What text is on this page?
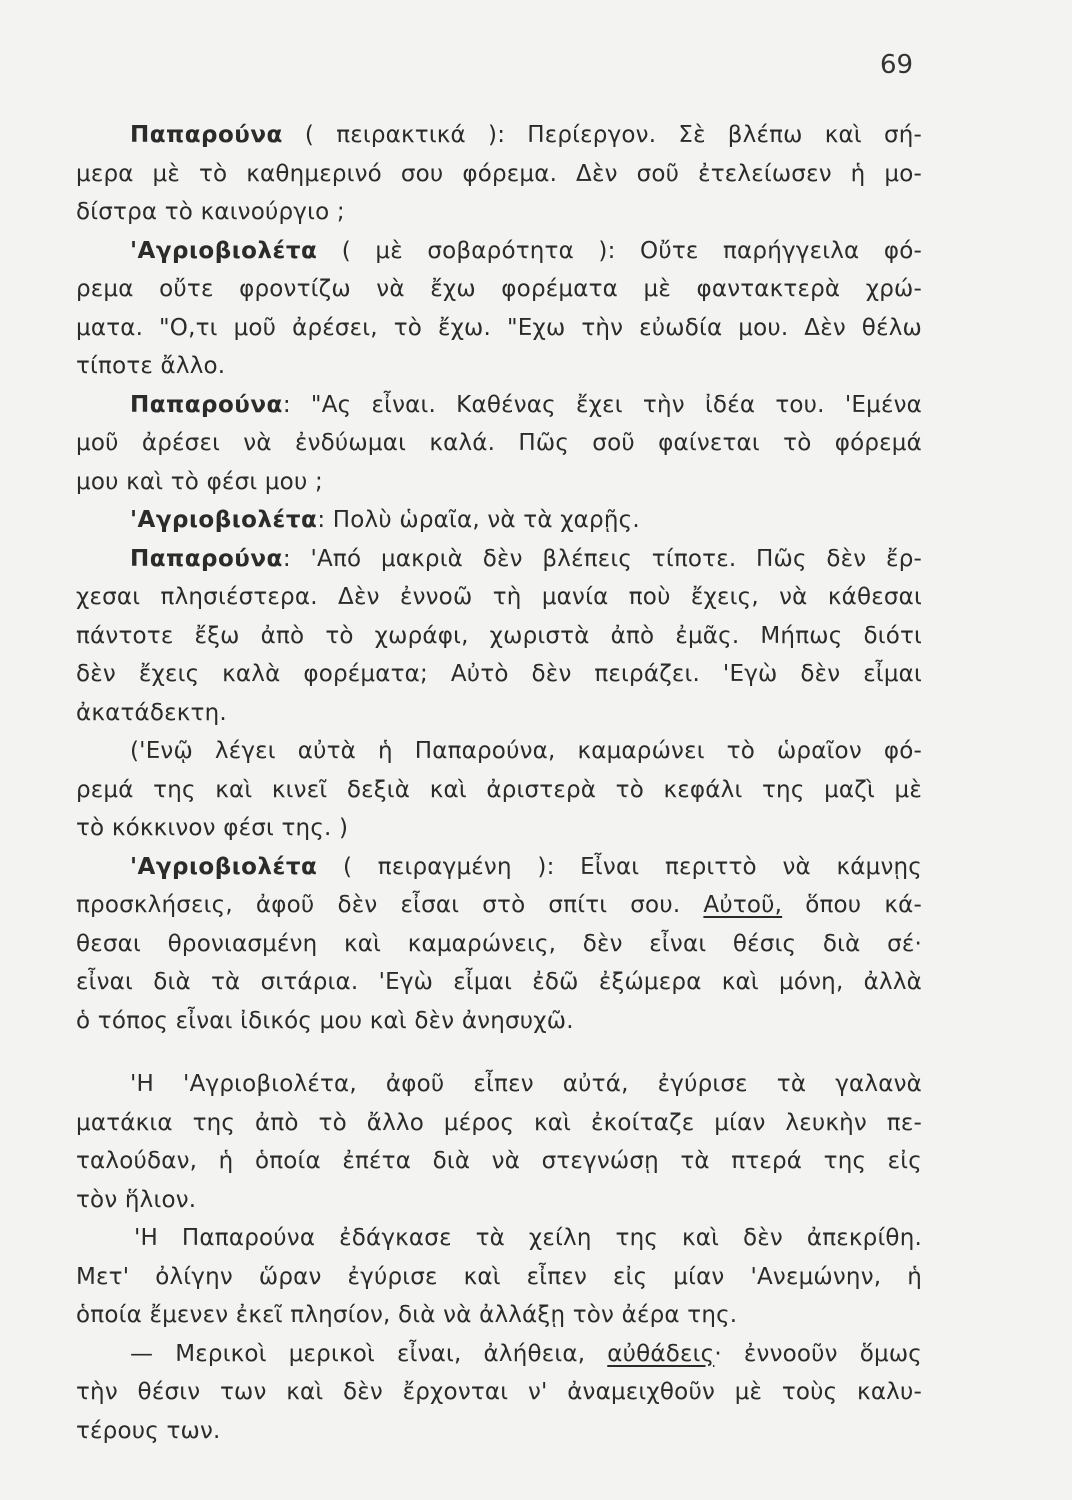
69
Παπαρούνα ( πειρακτικά ): Περίεργον. Σὲ βλέπω καὶ σή-
μερα μὲ τὸ καθημερινό σου φόρεμα. Δὲν σοῦ ἐτελείωσεν ἡ μο-
δίστρα τὸ καινούργιο ;
'Αγριοβιολέτα ( μὲ σοβαρότητα ): Οὔτε παρήγγειλα φό-
ρεμα οὔτε φροντίζω νὰ ἔχω φορέματα μὲ φαντακτερὰ χρώ-
ματα. "Ο,τι μοῦ ἀρέσει, τὸ ἔχω. "Εχω τὴν εὐωδία μου. Δὲν θέλω
τίποτε ἄλλο.
Παπαρούνα: "Ας εἶναι. Καθένας ἔχει τὴν ἰδέα του. 'Εμένα
μοῦ ἀρέσει νὰ ἐνδύωμαι καλά. Πῶς σοῦ φαίνεται τὸ φόρεμά
μου καὶ τὸ φέσι μου ;
'Αγριοβιολέτα: Πολὺ ὡραῖα, νὰ τὰ χαρῇς.
Παπαρούνα: 'Από μακριὰ δὲν βλέπεις τίποτε. Πῶς δὲν ἔρ-
χεσαι πλησιέστερα. Δὲν ἐννοῶ τὴ μανία ποὺ ἔχεις, νὰ κάθεσαι
πάντοτε ἔξω ἀπὸ τὸ χωράφι, χωριστὰ ἀπὸ ἐμᾶς. Μήπως διότι
δὲν ἔχεις καλὰ φορέματα; Αὐτὸ δὲν πειράζει. 'Εγὼ δὲν εἶμαι
ἀκατάδεκτη.
('Ενῷ λέγει αὐτὰ ἡ Παπαρούνα, καμαρώνει τὸ ὡραῖον φό-
ρεμά της καὶ κινεῖ δεξιὰ καὶ ἀριστερὰ τὸ κεφάλι της μαζὶ μὲ
τὸ κόκκινον φέσι της. )
'Αγριοβιολέτα ( πειραγμένη ): Εἶναι περιττὸ νὰ κάμνῃς
προσκλήσεις, ἀφοῦ δὲν εἶσαι στὸ σπίτι σου. Αὐτοῦ, ὅπου κά-
θεσαι θρονιασμένη καὶ καμαρώνεις, δὲν εἶναι θέσις διὰ σέ·
εἶναι διὰ τὰ σιτάρια. 'Εγὼ εἶμαι ἐδῶ ἐξώμερα καὶ μόνη, ἀλλὰ
ὁ τόπος εἶναι ἰδικός μου καὶ δὲν ἀνησυχῶ.
'Η 'Αγριοβιολέτα, ἀφοῦ εἶπεν αὐτά, ἐγύρισε τὰ γαλανὰ
ματάκια της ἀπὸ τὸ ἄλλο μέρος καὶ ἐκοίταζε μίαν λευκὴν πε-
ταλούδαν, ἡ ὁποία ἐπέτα διὰ νὰ στεγνώσῃ τὰ πτερά της εἰς
τὸν ἥλιον.
'Η Παπαρούνα ἐδάγκασε τὰ χείλη της καὶ δὲν ἀπεκρίθη.
Μετ' ὀλίγην ὥραν ἐγύρισε καὶ εἶπεν εἰς μίαν 'Ανεμώνην, ἡ
ὁποία ἔμενεν ἐκεῖ πλησίον, διὰ νὰ ἀλλάξῃ τὸν ἀέρα της.
— Μερικοὶ μερικοὶ εἶναι, ἀλήθεια, αὐθάδεις· ἐννοοῦν ὅμως
τὴν θέσιν των καὶ δὲν ἔρχονται ν' ἀναμειχθοῦν μὲ τοὺς καλυ-
τέρους των.
